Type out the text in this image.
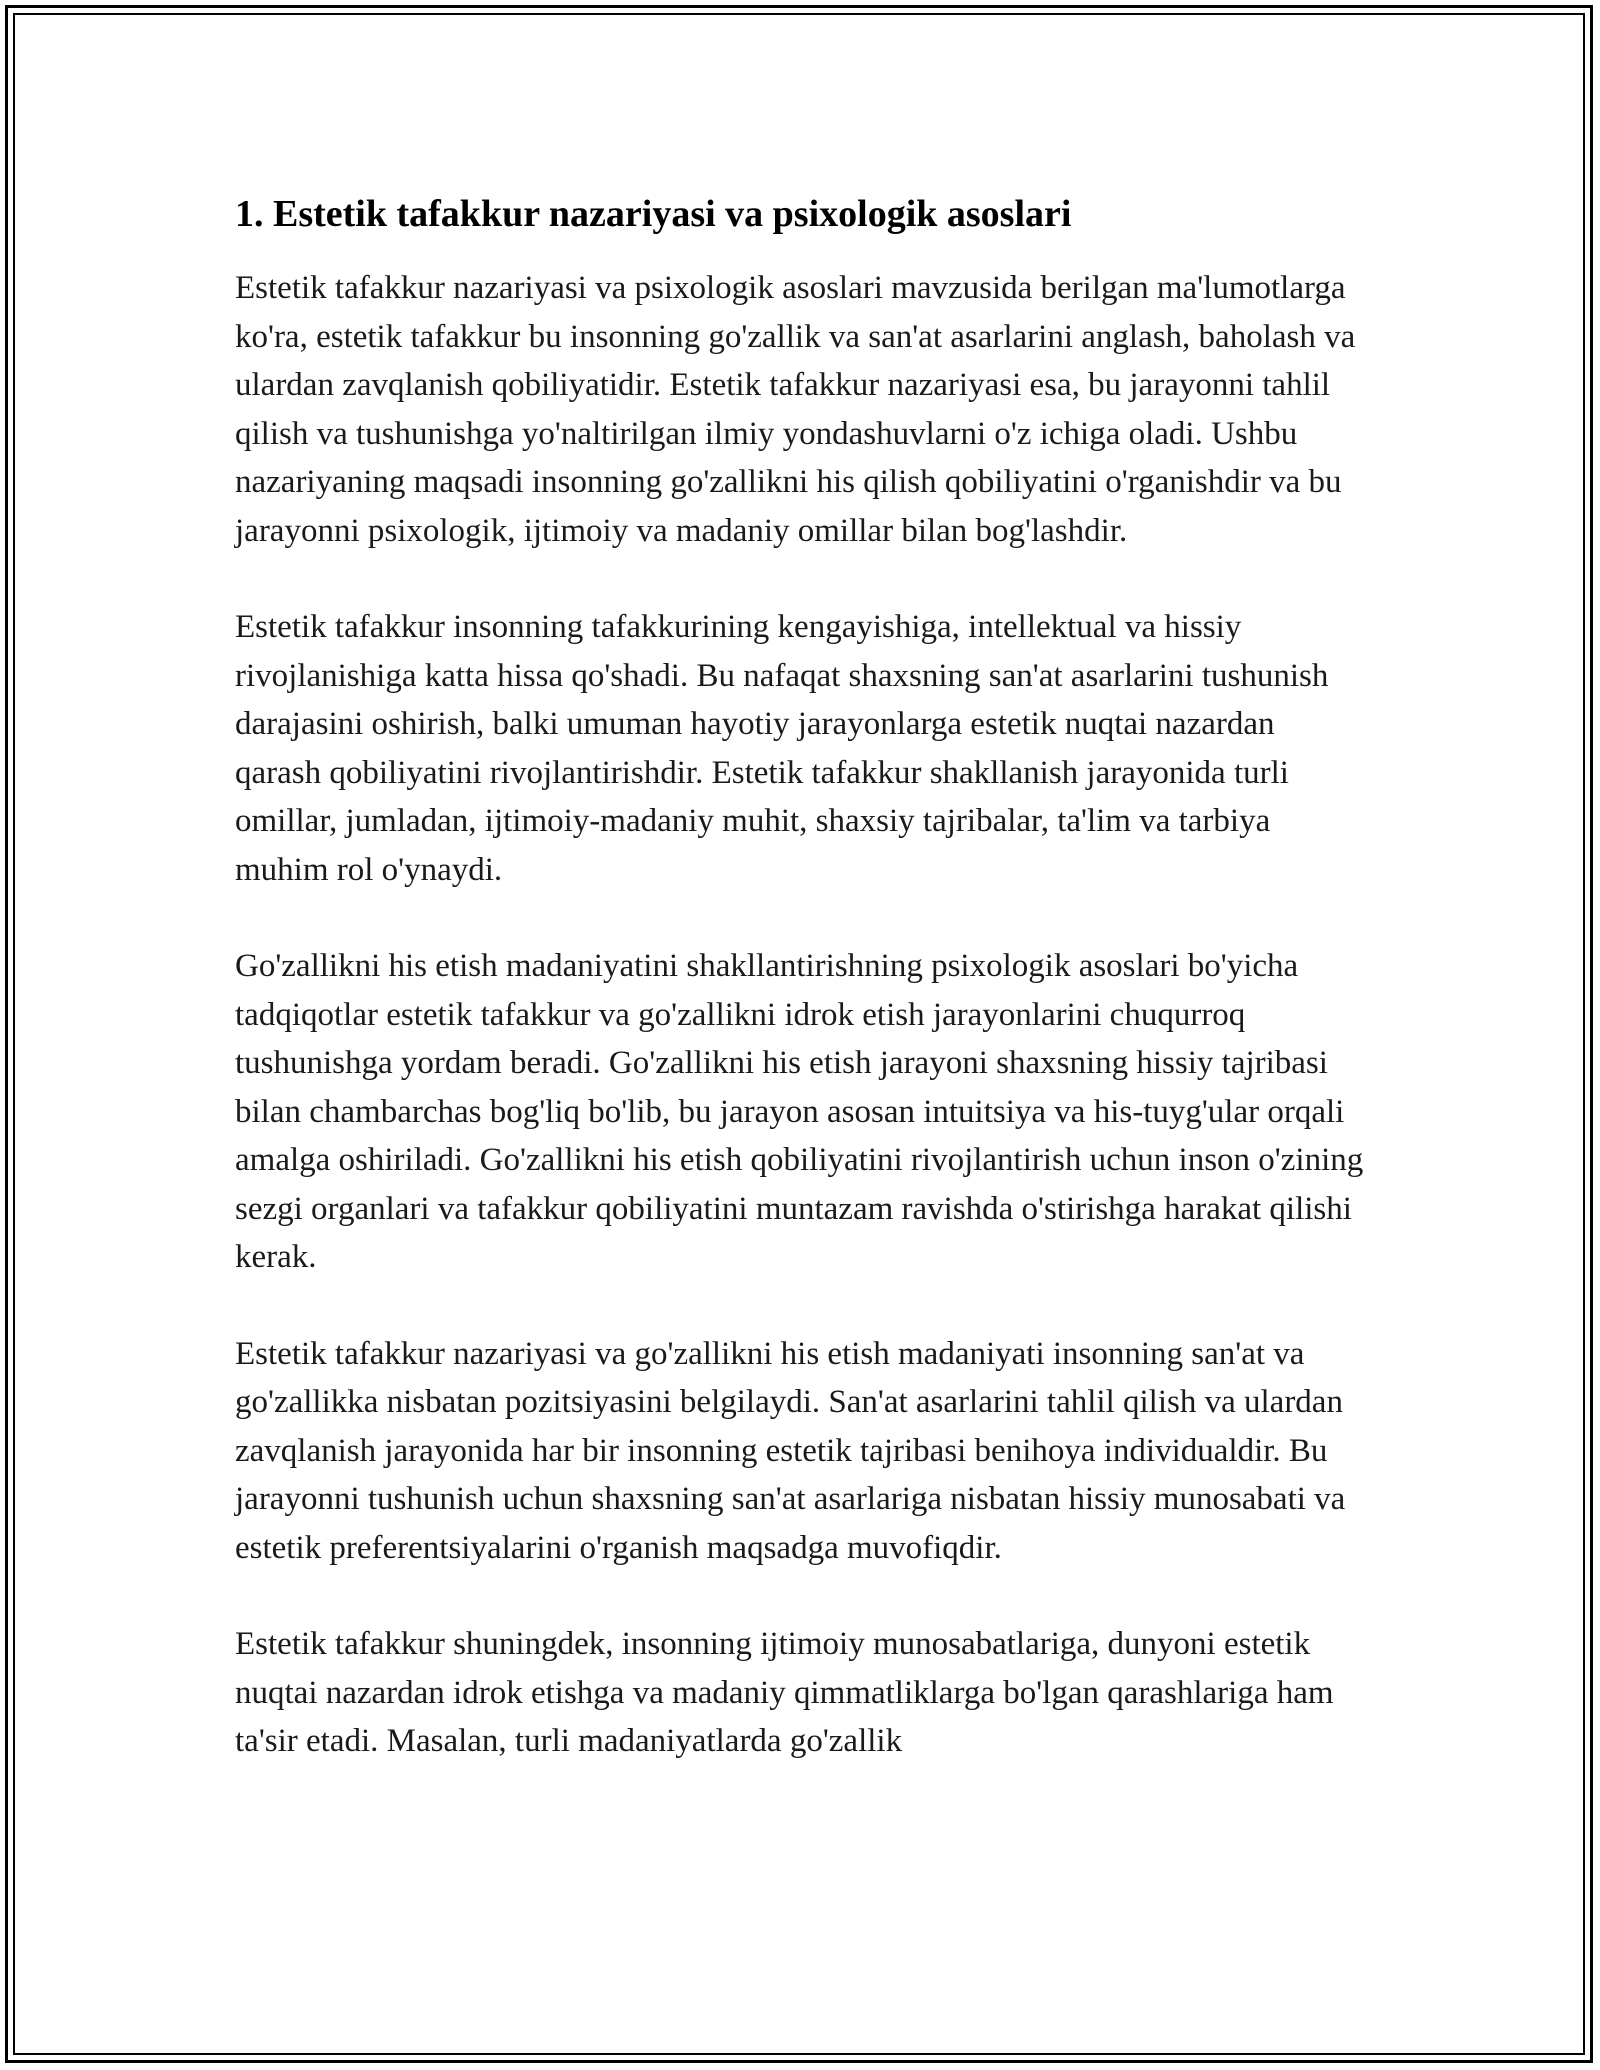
1. Estetik tafakkur nazariyasi va psixologik asoslari

Estetik tafakkur nazariyasi va psixologik asoslari mavzusida berilgan ma'lumotlarga ko'ra, estetik tafakkur bu insonning go'zallik va san'at asarlarini anglash, baholash va ulardan zavqlanish qobiliyatidir. Estetik tafakkur nazariyasi esa, bu jarayonni tahlil qilish va tushunishga yo'naltirilgan ilmiy yondashuvlarni o'z ichiga oladi. Ushbu nazariyaning maqsadi insonning go'zallikni his qilish qobiliyatini o'rganishdir va bu jarayonni psixologik, ijtimoiy va madaniy omillar bilan bog'lashdir.

Estetik tafakkur insonning tafakkurining kengayishiga, intellektual va hissiy rivojlanishiga katta hissa qo'shadi. Bu nafaqat shaxsning san'at asarlarini tushunish darajasini oshirish, balki umuman hayotiy jarayonlarga estetik nuqtai nazardan qarash qobiliyatini rivojlantirishdir. Estetik tafakkur shakllanish jarayonida turli omillar, jumladan, ijtimoiy-madaniy muhit, shaxsiy tajribalar, ta'lim va tarbiya muhim rol o'ynaydi.

Go'zallikni his etish madaniyatini shakllantirishning psixologik asoslari bo'yicha tadqiqotlar estetik tafakkur va go'zallikni idrok etish jarayonlarini chuqurroq tushunishga yordam beradi. Go'zallikni his etish jarayoni shaxsning hissiy tajribasi bilan chambarchas bog'liq bo'lib, bu jarayon asosan intuitsiya va his-tuyg'ular orqali amalga oshiriladi. Go'zallikni his etish qobiliyatini rivojlantirish uchun inson o'zining sezgi organlari va tafakkur qobiliyatini muntazam ravishda o'stirishga harakat qilishi kerak.

Estetik tafakkur nazariyasi va go'zallikni his etish madaniyati insonning san'at va go'zallikka nisbatan pozitsiyasini belgilaydi. San'at asarlarini tahlil qilish va ulardan zavqlanish jarayonida har bir insonning estetik tajribasi benihoya individualdir. Bu jarayonni tushunish uchun shaxsning san'at asarlariga nisbatan hissiy munosabati va estetik preferentsiyalarini o'rganish maqsadga muvofiqdir.

Estetik tafakkur shuningdek, insonning ijtimoiy munosabatlariga, dunyoni estetik nuqtai nazardan idrok etishga va madaniy qimmatliklarga bo'lgan qarashlariga ham ta'sir etadi. Masalan, turli madaniyatlarda go'zallik
